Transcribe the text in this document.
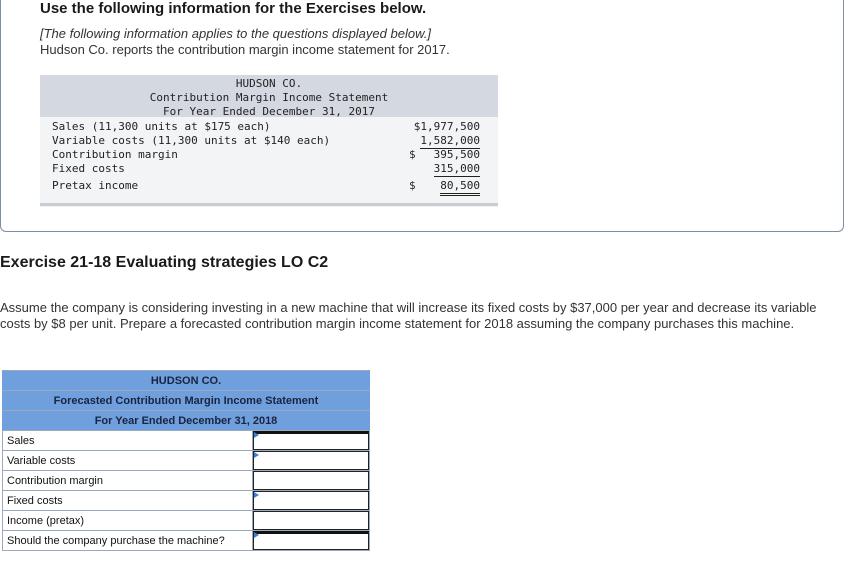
Use the following information for the Exercises below.
[The following information applies to the questions displayed below.]
Hudson Co. reports the contribution margin income statement for 2017.
HUDSON CO.
Contribution Margin Income Statement
For Year Ended December 31, 2017
Sales (11,300 units at $175 each)	$1,977,500
Variable costs (11,300 units at $140 each)	1,582,000
Contribution margin	$ 395,500
Fixed costs	315,000
Pretax income	$ 80,500
Exercise 21-18 Evaluating strategies LO C2
Assume the company is considering investing in a new machine that will increase its fixed costs by $37,000 per year and decrease its variable costs by $8 per unit. Prepare a forecasted contribution margin income statement for 2018 assuming the company purchases this machine.
HUDSON CO.	
Forecasted Contribution Margin Income Statement	
For Year Ended December 31, 2018	
Sales	

Variable costs	

Contribution margin	
Fixed costs	

Income (pretax)	
Should the company purchase the machine?	
